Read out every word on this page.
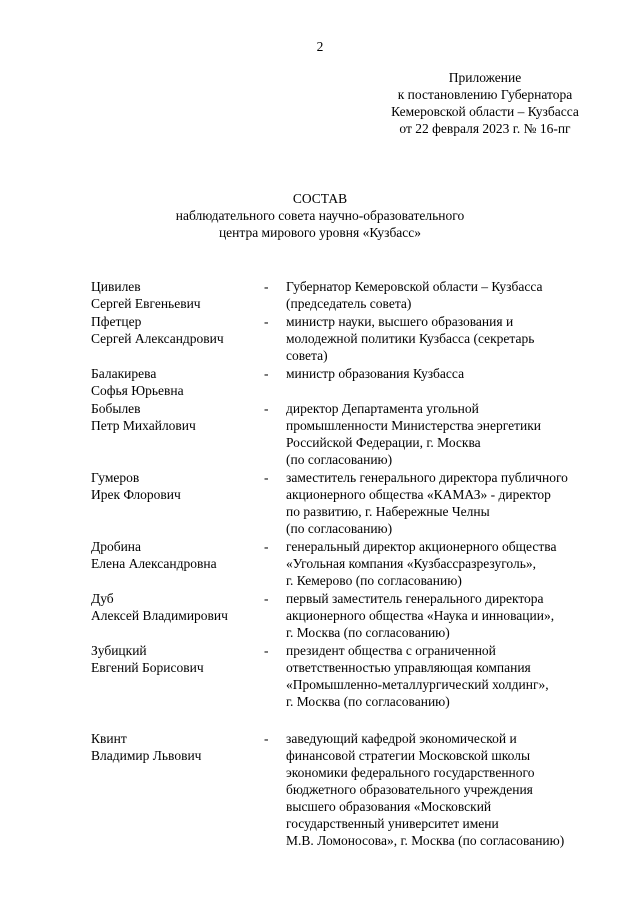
2
Приложение
к постановлению Губернатора
Кемеровской области – Кузбасса
от 22 февраля 2023 г. № 16-пг
СОСТАВ
наблюдательного совета научно-образовательного
центра мирового уровня «Кузбасс»
Цивилев
Сергей Евгеньевич
-	Губернатор Кемеровской области – Кузбасса
(председатель совета)
Пфетцер
Сергей Александрович
-	министр науки, высшего образования и
молодежной политики Кузбасса (секретарь
совета)
Балакирева
Софья Юрьевна
-	министр образования Кузбасса
Бобылев
Петр Михайлович
-	директор Департамента угольной
промышленности Министерства энергетики
Российской Федерации, г. Москва
(по согласованию)
Гумеров
Ирек Флорович
-	заместитель генерального директора публичного
акционерного общества «КАМАЗ» - директор
по развитию, г. Набережные Челны
(по согласованию)
Дробина
Елена Александровна
-	генеральный директор акционерного общества
«Угольная компания «Кузбассразрезуголь»,
г. Кемерово (по согласованию)
Дуб
Алексей Владимирович
-	первый заместитель генерального директора
акционерного общества «Наука и инновации»,
г. Москва (по согласованию)
Зубицкий
Евгений Борисович
-	президент общества с ограниченной
ответственностью управляющая компания
«Промышленно-металлургический холдинг»,
г. Москва (по согласованию)
Квинт
Владимир Львович
-	заведующий кафедрой экономической и
финансовой стратегии Московской школы
экономики федерального государственного
бюджетного образовательного учреждения
высшего образования «Московский
государственный университет имени
М.В. Ломоносова», г. Москва (по согласованию)
